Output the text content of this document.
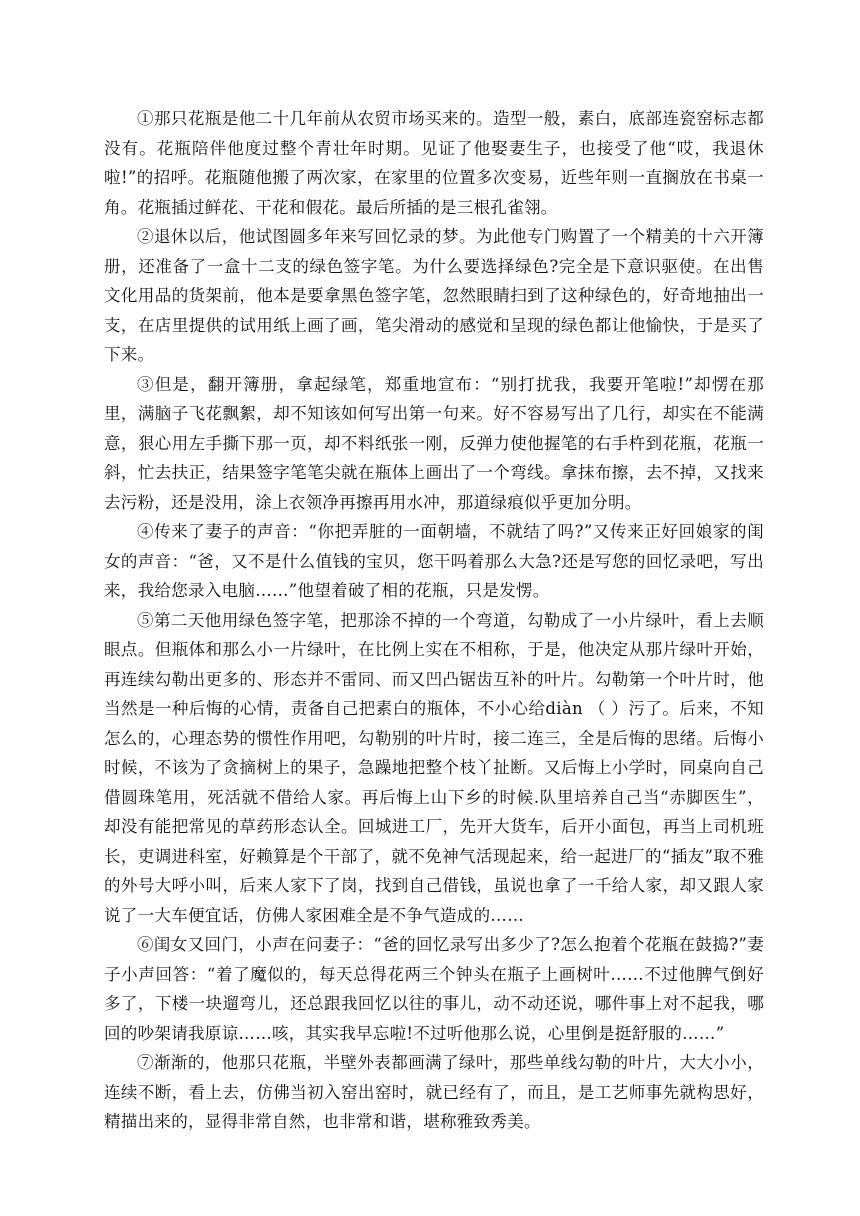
①那只花瓶是他二十几年前从农贸市场买来的。造型一般，素白，底部连瓷窑标志都没有。花瓶陪伴他度过整个青壮年时期。见证了他娶妻生子，也接受了他“哎，我退休啦!”的招呼。花瓶随他搬了两次家，在家里的位置多次变易，近些年则一直搁放在书桌一角。花瓶插过鲜花、干花和假花。最后所插的是三根孔雀翎。

②退休以后，他试图圆多年来写回忆录的梦。为此他专门购置了一个精美的十六开簿册，还准备了一盒十二支的绿色签字笔。为什么要选择绿色?完全是下意识驱使。在出售文化用品的货架前，他本是要拿黑色签字笔，忽然眼睛扫到了这种绿色的，好奇地抽出一支，在店里提供的试用纸上画了画，笔尖滑动的感觉和呈现的绿色都让他愉快，于是买了下来。

③但是，翻开簿册，拿起绿笔，郑重地宣布：“别打扰我，我要开笔啦!”却愣在那里，满脑子飞花飘絮，却不知该如何写出第一句来。好不容易写出了几行，却实在不能满意，狠心用左手撕下那一页，却不料纸张一刚，反弹力使他握笔的右手杵到花瓶，花瓶一斜，忙去扶正，结果签字笔笔尖就在瓶体上画出了一个弯线。拿抹布擦，去不掉，又找来去污粉，还是没用，涂上衣领净再擦再用水冲，那道绿痕似乎更加分明。

④传来了妻子的声音：“你把弄脏的一面朝墙，不就结了吗?”又传来正好回娘家的闺女的声音：“爸，又不是什么值钱的宝贝，您干吗着那么大急?还是写您的回忆录吧，写出来，我给您录入电脑……”他望着破了相的花瓶，只是发愣。

⑤第二天他用绿色签字笔，把那涂不掉的一个弯道，勾勒成了一小片绿叶，看上去顺眼点。但瓶体和那么小一片绿叶，在比例上实在不相称，于是，他决定从那片绿叶开始，再连续勾勒出更多的、形态并不雷同、而又凹凸锯齿互补的叶片。勾勒第一个叶片时，他当然是一种后悔的心情，责备自己把素白的瓶体，不小心给diàn （ ）污了。后来，不知怎么的，心理态势的惯性作用吧，勾勒别的叶片时，接二连三，全是后悔的思绪。后悔小时候，不该为了贪摘树上的果子，急躁地把整个枝丫扯断。又后悔上小学时，同桌向自己借圆珠笔用，死活就不借给人家。再后悔上山下乡的时候.队里培养自己当“赤脚医生”，却没有能把常见的草药形态认全。回城进工厂，先开大货车，后开小面包，再当上司机班长，吏调进科室，好赖算是个干部了，就不免神气活现起来，给一起进厂的“插友”取不雅的外号大呼小叫，后来人家下了岗，找到自己借钱，虽说也拿了一千给人家，却又跟人家说了一大车便宜话，仿佛人家困难全是不争气造成的……

⑥闺女又回门，小声在问妻子：“爸的回忆录写出多少了?怎么抱着个花瓶在鼓捣?”妻子小声回答：“着了魔似的，每天总得花两三个钟头在瓶子上画树叶……不过他脾气倒好多了，下楼一块遛弯儿，还总跟我回忆以往的事儿，动不动还说，哪件事上对不起我，哪回的吵架请我原谅……咳，其实我早忘啦!不过听他那么说，心里倒是挺舒服的……”

⑦渐渐的，他那只花瓶，半壁外表都画满了绿叶，那些单线勾勒的叶片，大大小小，连续不断，看上去，仿佛当初入窑出窑时，就已经有了，而且，是工艺师事先就构思好，精描出来的，显得非常自然，也非常和谐，堪称雅致秀美。
